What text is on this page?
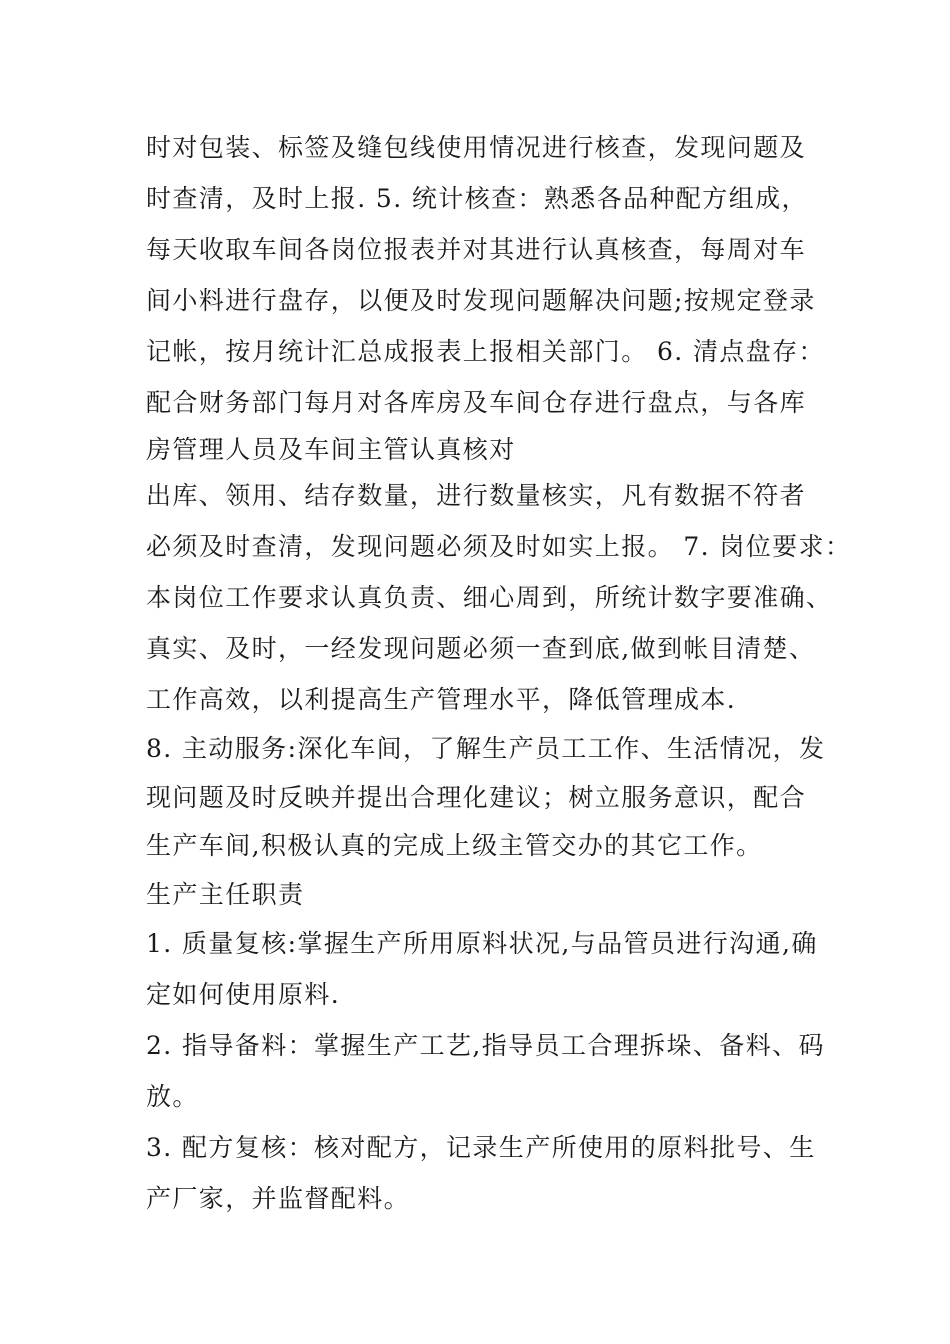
时对包装、标签及缝包线使用情况进行核查，发现问题及
时查清，及时上报. 5. 统计核查：熟悉各品种配方组成，
每天收取车间各岗位报表并对其进行认真核查，每周对车
间小料进行盘存，以便及时发现问题解决问题;按规定登录
记帐，按月统计汇总成报表上报相关部门。 6. 清点盘存：
配合财务部门每月对各库房及车间仓存进行盘点，与各库
房管理人员及车间主管认真核对
出库、领用、结存数量，进行数量核实，凡有数据不符者
必须及时查清，发现问题必须及时如实上报。 7. 岗位要求：
本岗位工作要求认真负责、细心周到，所统计数字要准确、
真实、及时，一经发现问题必须一查到底,做到帐目清楚、
工作高效，以利提高生产管理水平，降低管理成本.
8. 主动服务:深化车间，了解生产员工工作、生活情况，发
现问题及时反映并提出合理化建议；树立服务意识，配合
生产车间,积极认真的完成上级主管交办的其它工作。
生产主任职责
1. 质量复核:掌握生产所用原料状况,与品管员进行沟通,确
定如何使用原料.
2. 指导备料：掌握生产工艺,指导员工合理拆垛、备料、码
放。
3. 配方复核：核对配方，记录生产所使用的原料批号、生
产厂家，并监督配料。
